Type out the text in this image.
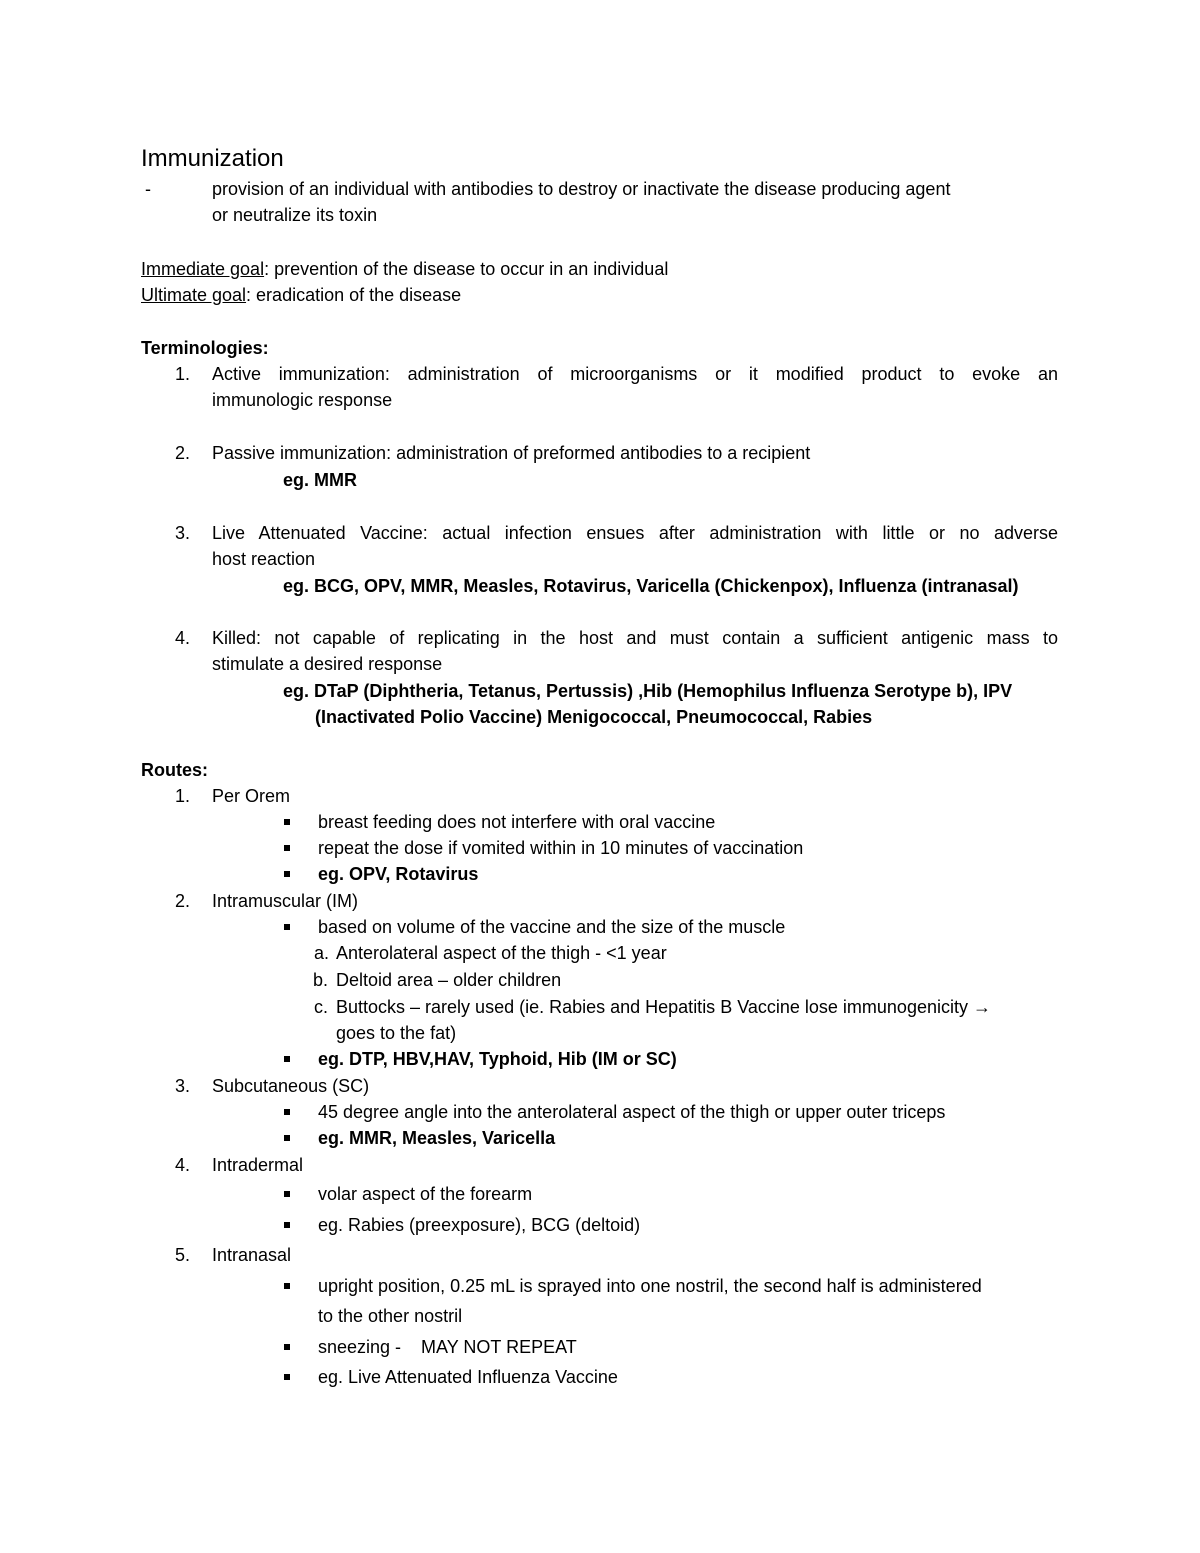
Immunization
-	provision of an individual with antibodies to destroy or inactivate the disease producing agent
or neutralize its toxin
Immediate goal: prevention of the disease to occur in an individual
Ultimate goal: eradication of the disease
Terminologies:
1. Active immunization: administration of microorganisms or it modified product to evoke an
immunologic response
2. Passive immunization: administration of preformed antibodies to a recipient
eg. MMR
3. Live Attenuated Vaccine: actual infection ensues after administration with little or no adverse
host reaction
eg. BCG, OPV, MMR, Measles, Rotavirus, Varicella (Chickenpox), Influenza (intranasal)
4. Killed: not capable of replicating in the host and must contain a sufficient antigenic mass to
stimulate a desired response
eg. DTaP (Diphtheria, Tetanus, Pertussis) ,Hib (Hemophilus Influenza Serotype b), IPV
(Inactivated Polio Vaccine) Menigococcal, Pneumococcal, Rabies
Routes:
1. Per Orem
breast feeding does not interfere with oral vaccine
repeat the dose if vomited within in 10 minutes of vaccination
eg. OPV, Rotavirus
2. Intramuscular (IM)
based on volume of the vaccine and the size of the muscle
a. Anterolateral aspect of the thigh - <1 year
b. Deltoid area – older children
c. Buttocks – rarely used (ie. Rabies and Hepatitis B Vaccine lose immunogenicity →
goes to the fat)
eg. DTP, HBV,HAV, Typhoid, Hib (IM or SC)
3. Subcutaneous (SC)
45 degree angle into the anterolateral aspect of the thigh or upper outer triceps
eg. MMR, Measles, Varicella
4. Intradermal
volar aspect of the forearm
eg. Rabies (preexposure), BCG (deltoid)
5. Intranasal
upright position, 0.25 mL is sprayed into one nostril, the second half is administered
to the other nostril
sneezing -    MAY NOT REPEAT
eg. Live Attenuated Influenza Vaccine
